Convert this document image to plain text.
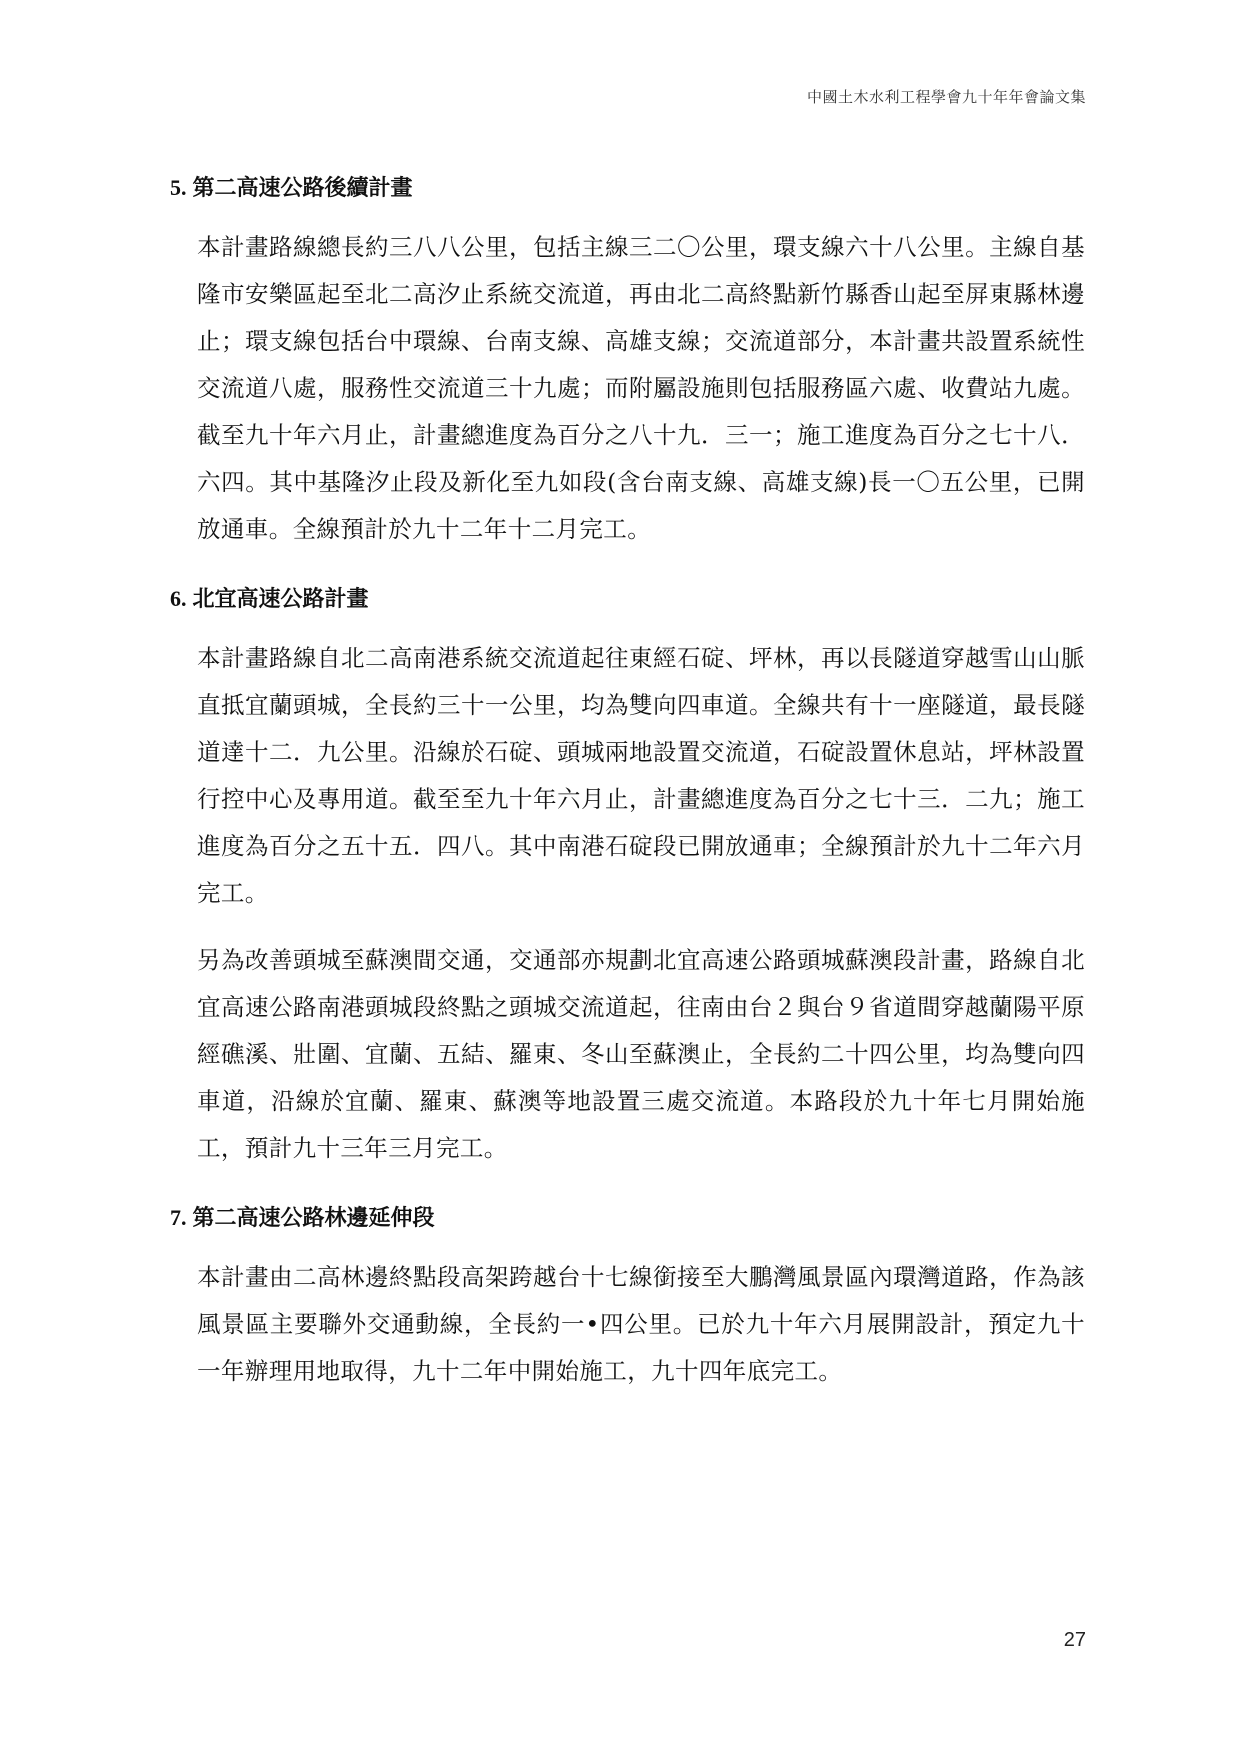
中國土木水利工程學會九十年年會論文集
5. 第二高速公路後續計畫

本計畫路線總長約三八八公里，包括主線三二〇公里，環支線六十八公里。主線自基隆市安樂區起至北二高汐止系統交流道，再由北二高終點新竹縣香山起至屏東縣林邊止；環支線包括台中環線、台南支線、高雄支線；交流道部分，本計畫共設置系統性交流道八處，服務性交流道三十九處；而附屬設施則包括服務區六處、收費站九處。截至九十年六月止，計畫總進度為百分之八十九．三一；施工進度為百分之七十八．六四。其中基隆汐止段及新化至九如段(含台南支線、高雄支線)長一〇五公里，已開放通車。全線預計於九十二年十二月完工。

6. 北宜高速公路計畫

本計畫路線自北二高南港系統交流道起往東經石碇、坪林，再以長隧道穿越雪山山脈直抵宜蘭頭城，全長約三十一公里，均為雙向四車道。全線共有十一座隧道，最長隧道達十二．九公里。沿線於石碇、頭城兩地設置交流道，石碇設置休息站，坪林設置行控中心及專用道。截至至九十年六月止，計畫總進度為百分之七十三．二九；施工進度為百分之五十五．四八。其中南港石碇段已開放通車；全線預計於九十二年六月完工。

另為改善頭城至蘇澳間交通，交通部亦規劃北宜高速公路頭城蘇澳段計畫，路線自北宜高速公路南港頭城段終點之頭城交流道起，往南由台２與台９省道間穿越蘭陽平原經礁溪、壯圍、宜蘭、五結、羅東、冬山至蘇澳止，全長約二十四公里，均為雙向四車道，沿線於宜蘭、羅東、蘇澳等地設置三處交流道。本路段於九十年七月開始施工，預計九十三年三月完工。

7. 第二高速公路林邊延伸段

本計畫由二高林邊終點段高架跨越台十七線銜接至大鵬灣風景區內環灣道路，作為該風景區主要聯外交通動線，全長約一•四公里。已於九十年六月展開設計，預定九十一年辦理用地取得，九十二年中開始施工，九十四年底完工。

27
